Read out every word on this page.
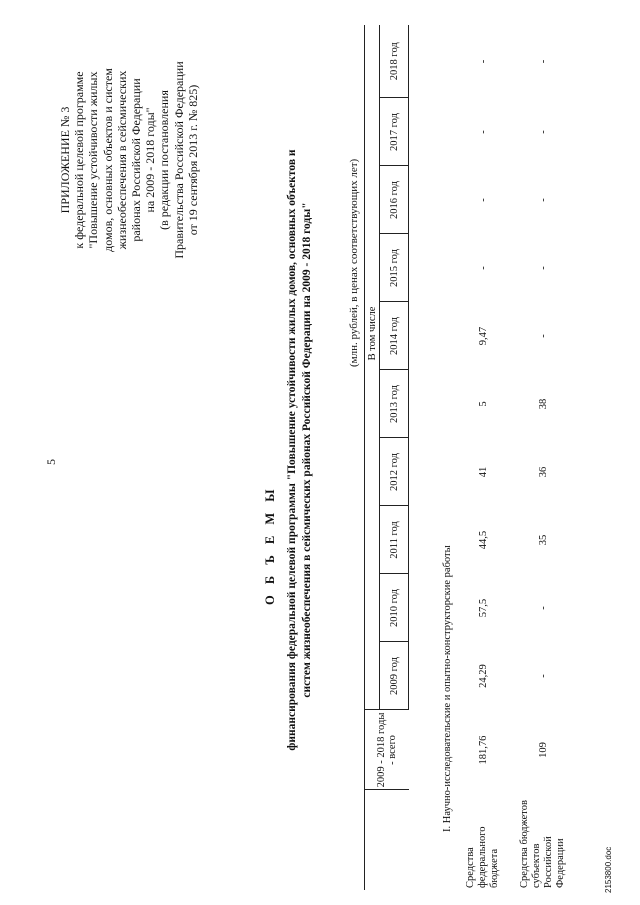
5
ПРИЛОЖЕНИЕ № 3 к федеральной целевой программе "Повышение устойчивости жилых домов, основных объектов и систем жизнеобеспечения в сейсмических районах Российской Федерации на 2009 - 2018 годы" (в редакции постановления Правительства Российской Федерации от 19 сентября 2013 г. № 825)
О Б Ъ Е М Ы финансирования федеральной целевой программы "Повышение устойчивости жилых домов, основных объектов и систем жизнеобеспечения в сейсмических районах Российской Федерации на 2009 - 2018 годы"	(млн. рублей, в ценах соответствующих лет)
	2009 - 2018 годы - всего		В том числе								
		2009 год	2010 год	2011 год	2012 год	2013 год	2014 год	2015 год	2016 год	2017 год	2018 год
I. Научно-исследовательские и опытно-конструкторские работы											
Средства федерального бюджета	181,76	24,29	57,5	44,5	41	5	9,47	-	-	-	-
Средства бюджетов субъектов Российской Федерации	109	-	-	35	36	38	-	-	-	-	-
2153800.doc
